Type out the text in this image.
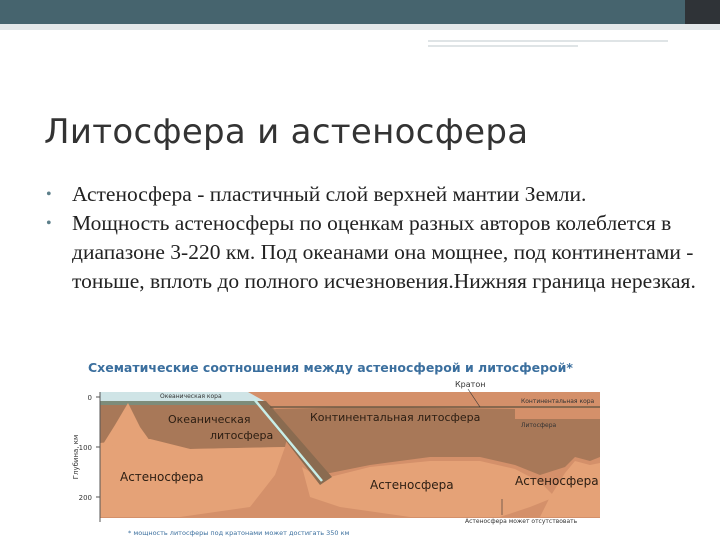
Литосфера и астеносфера
• Астеносфера - пластичный слой верхней мантии Земли.
• Мощность астеносферы по оценкам разных авторов колеблется в диапазоне 3-220 км. Под океанами она мощнее, под континентами - тоньше, вплоть до полного исчезновения.Нижняя граница нерезкая.
Схематические соотношения между астеносферой и литосферой*
0
100
200
Глубина, км
Океаническая кора
Океаническая
литосфера
Континентальная литосфера
Кратон
Континентальная кора
Литосфера
Астеносфера
Астеносфера	Астеносфера
Астеносфера может отсутствовать
* мощность литосферы под кратонами может достигать 350 км
